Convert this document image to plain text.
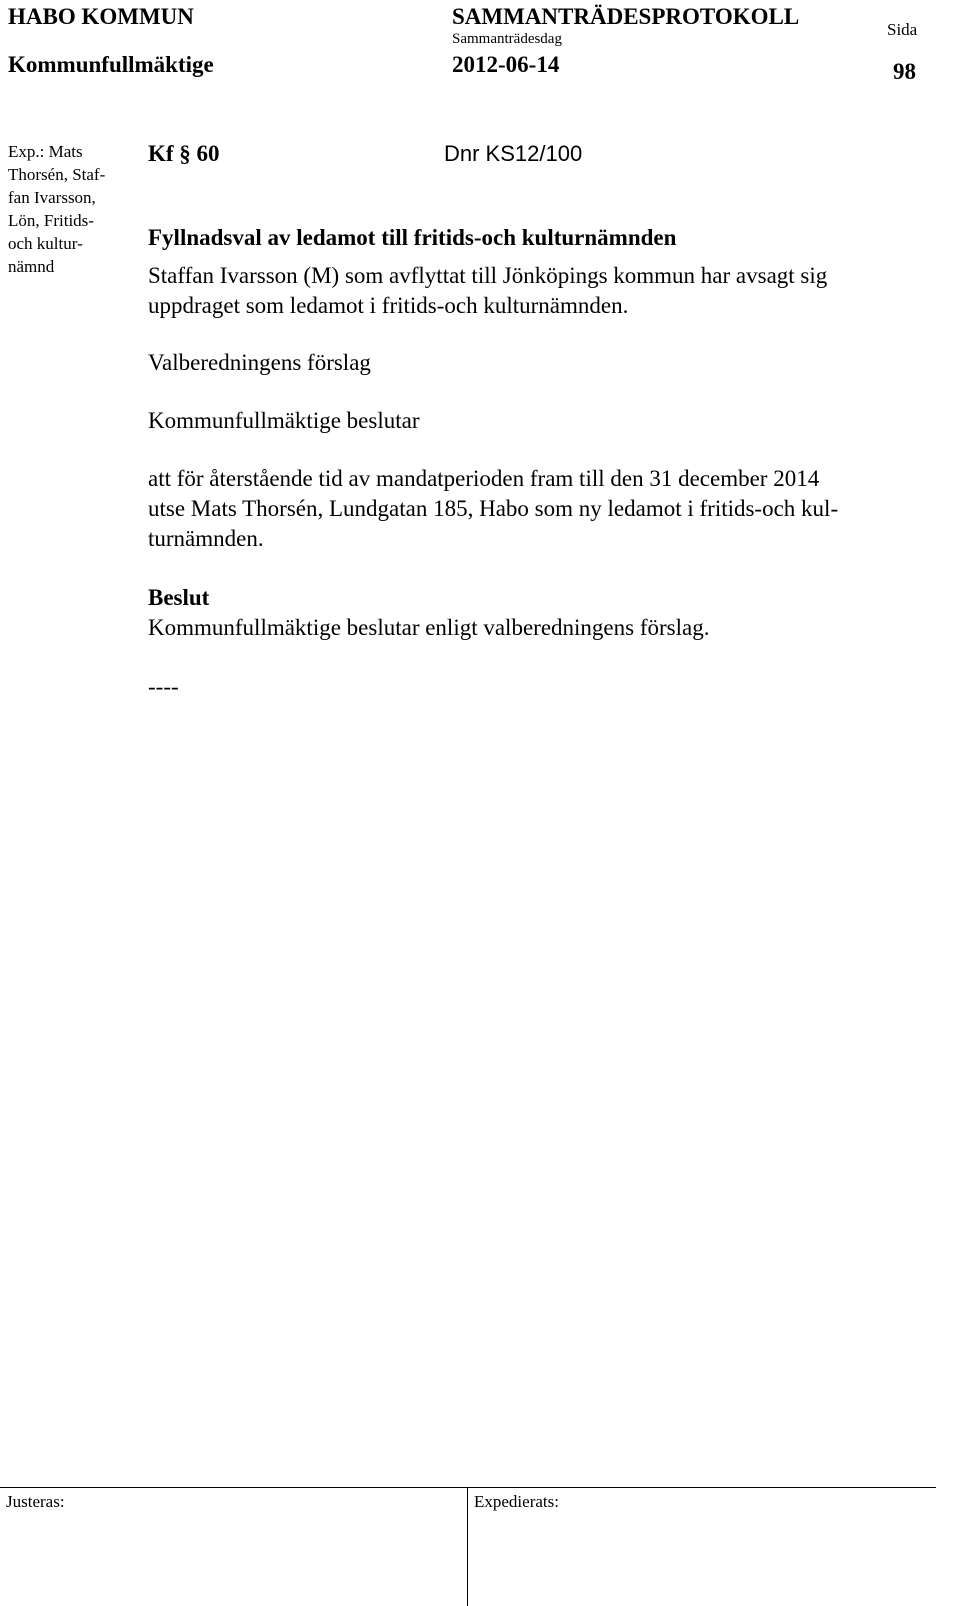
HABO KOMMUN
Kommunfullmäktige
SAMMANTRÄDESPROTOKOLL
Sammanträdesdag
2012-06-14
Sida
98
Exp.: Mats
Thorsén, Staf-
fan Ivarsson,
Lön, Fritids-
och kultur-
nämnd
Kf § 60	Dnr KS12/100
Fyllnadsval av ledamot till fritids-och kulturnämnden
Staffan Ivarsson (M) som avflyttat till Jönköpings kommun har avsagt sig
uppdraget som ledamot i fritids-och kulturnämnden.
Valberedningens förslag
Kommunfullmäktige beslutar
att för återstående tid av mandatperioden fram till den 31 december 2014
utse Mats Thorsén, Lundgatan 185, Habo som ny ledamot i fritids-och kul-
turnämnden.
Beslut
Kommunfullmäktige beslutar enligt valberedningens förslag.
----
Justeras:	Expedierats:
